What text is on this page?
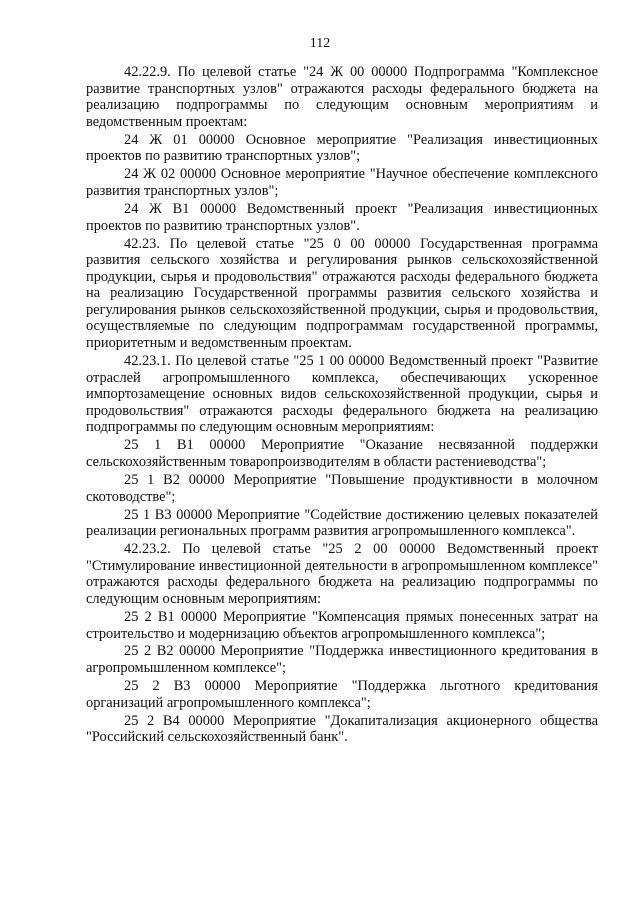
112

42.22.9. По целевой статье "24 Ж 00 00000 Подпрограмма "Комплексное развитие транспортных узлов" отражаются расходы федерального бюджета на реализацию подпрограммы по следующим основным мероприятиям и ведомственным проектам:

24 Ж 01 00000 Основное мероприятие "Реализация инвестиционных проектов по развитию транспортных узлов";

24 Ж 02 00000 Основное мероприятие "Научное обеспечение комплексного развития транспортных узлов";

24 Ж В1 00000 Ведомственный проект "Реализация инвестиционных проектов по развитию транспортных узлов".

42.23. По целевой статье "25 0 00 00000 Государственная программа развития сельского хозяйства и регулирования рынков сельскохозяйственной продукции, сырья и продовольствия" отражаются расходы федерального бюджета на реализацию Государственной программы развития сельского хозяйства и регулирования рынков сельскохозяйственной продукции, сырья и продовольствия, осуществляемые по следующим подпрограммам государственной программы, приоритетным и ведомственным проектам.

42.23.1. По целевой статье "25 1 00 00000 Ведомственный проект "Развитие отраслей агропромышленного комплекса, обеспечивающих ускоренное импортозамещение основных видов сельскохозяйственной продукции, сырья и продовольствия" отражаются расходы федерального бюджета на реализацию подпрограммы по следующим основным мероприятиям:

25 1 В1 00000 Мероприятие "Оказание несвязанной поддержки сельскохозяйственным товаропроизводителям в области растениеводства";

25 1 В2 00000 Мероприятие "Повышение продуктивности в молочном скотоводстве";

25 1 В3 00000 Мероприятие "Содействие достижению целевых показателей реализации региональных программ развития агропромышленного комплекса".

42.23.2. По целевой статье "25 2 00 00000 Ведомственный проект "Стимулирование инвестиционной деятельности в агропромышленном комплексе" отражаются расходы федерального бюджета на реализацию подпрограммы по следующим основным мероприятиям:

25 2 В1 00000 Мероприятие "Компенсация прямых понесенных затрат на строительство и модернизацию объектов агропромышленного комплекса";

25 2 В2 00000 Мероприятие "Поддержка инвестиционного кредитования в агропромышленном комплексе";

25 2 В3 00000 Мероприятие "Поддержка льготного кредитования организаций агропромышленного комплекса";

25 2 В4 00000 Мероприятие "Докапитализация акционерного общества "Российский сельскохозяйственный банк".
